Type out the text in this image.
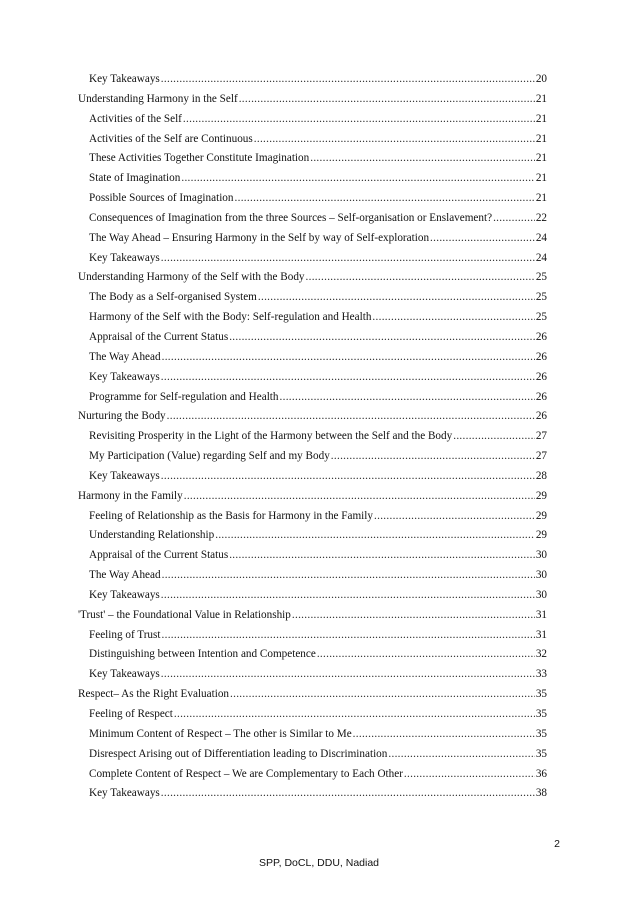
Key Takeaways .....	20
Understanding Harmony in the Self .....	21
Activities of the Self .....	21
Activities of the Self are Continuous .....	21
These Activities Together Constitute Imagination .....	21
State of Imagination .....	21
Possible Sources of Imagination .....	21
Consequences of Imagination from the three Sources – Self-organisation or Enslavement? .....	22
The Way Ahead – Ensuring Harmony in the Self by way of Self-exploration .....	24
Key Takeaways .....	24
Understanding Harmony of the Self with the Body .....	25
The Body as a Self-organised System .....	25
Harmony of the Self with the Body: Self-regulation and Health .....	25
Appraisal of the Current Status .....	26
The Way Ahead .....	26
Key Takeaways .....	26
Programme for Self-regulation and Health .....	26
Nurturing the Body .....	26
Revisiting Prosperity in the Light of the Harmony between the Self and the Body .....	27
My Participation (Value) regarding Self and my Body .....	27
Key Takeaways .....	28
Harmony in the Family .....	29
Feeling of Relationship as the Basis for Harmony in the Family .....	29
Understanding Relationship .....	29
Appraisal of the Current Status .....	30
The Way Ahead .....	30
Key Takeaways .....	30
'Trust' – the Foundational Value in Relationship .....	31
Feeling of Trust .....	31
Distinguishing between Intention and Competence .....	32
Key Takeaways .....	33
Respect– As the Right Evaluation .....	35
Feeling of Respect .....	35
Minimum Content of Respect – The other is Similar to Me .....	35
Disrespect Arising out of Differentiation leading to Discrimination .....	35
Complete Content of Respect – We are Complementary to Each Other .....	36
Key Takeaways .....	38
2
SPP, DoCL, DDU, Nadiad
